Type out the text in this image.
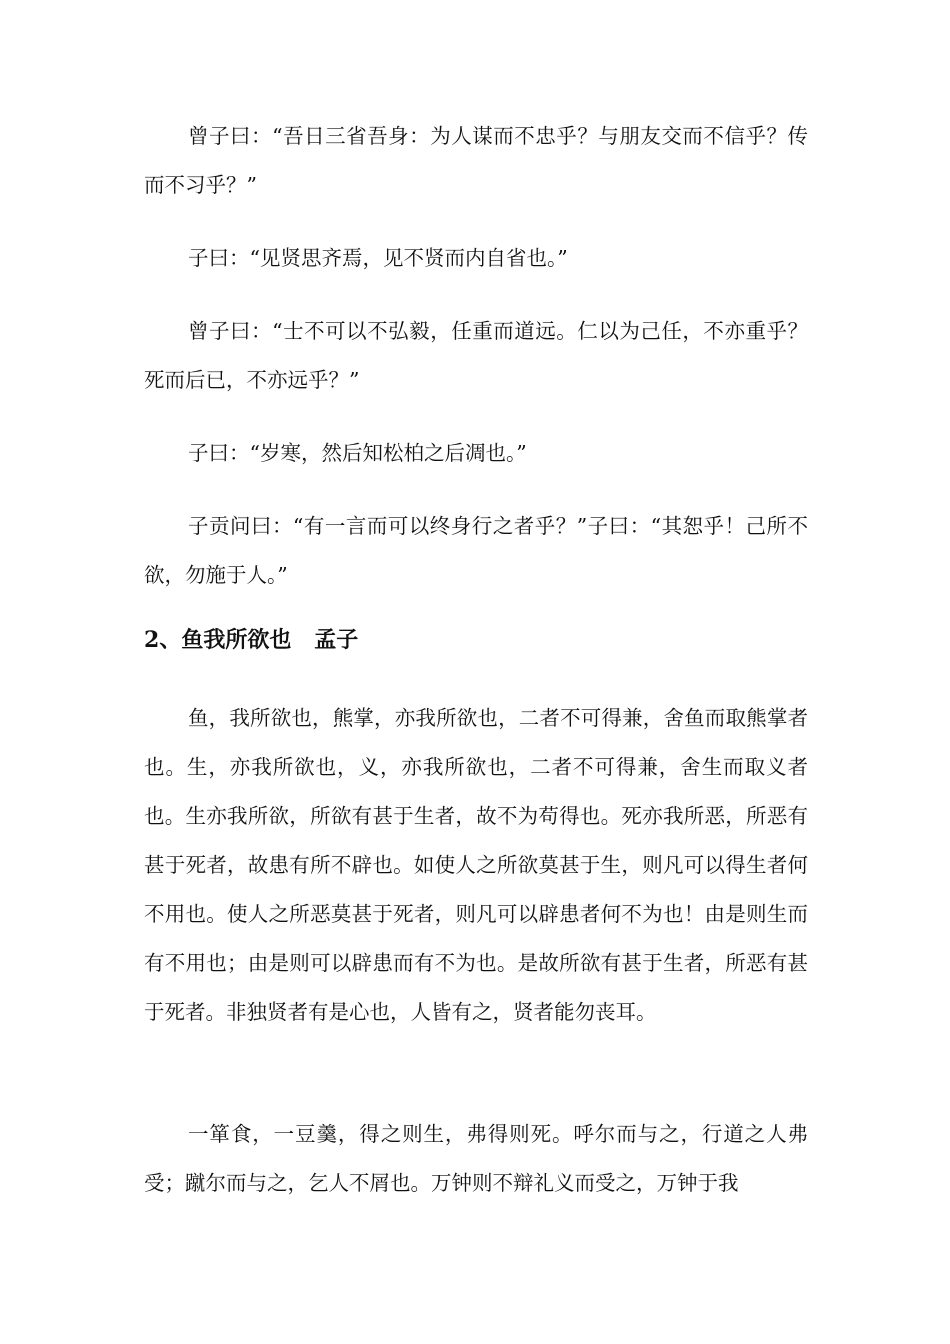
曾子曰：“吾日三省吾身：为人谋而不忠乎？与朋友交而不信乎？传而不习乎？”

子曰：“见贤思齐焉，见不贤而内自省也。”

曾子曰：“士不可以不弘毅，任重而道远。仁以为己任，不亦重乎？死而后已，不亦远乎？”

子曰：“岁寒，然后知松柏之后凋也。”

子贡问曰：“有一言而可以终身行之者乎？”子曰：“其恕乎！己所不欲，勿施于人。”

2、鱼我所欲也   孟子

鱼，我所欲也，熊掌，亦我所欲也，二者不可得兼，舍鱼而取熊掌者也。生，亦我所欲也，义，亦我所欲也，二者不可得兼，舍生而取义者也。生亦我所欲，所欲有甚于生者，故不为苟得也。死亦我所恶，所恶有甚于死者，故患有所不辟也。如使人之所欲莫甚于生，则凡可以得生者何不用也。使人之所恶莫甚于死者，则凡可以辟患者何不为也！由是则生而有不用也；由是则可以辟患而有不为也。是故所欲有甚于生者，所恶有甚于死者。非独贤者有是心也，人皆有之，贤者能勿丧耳。

一箪食，一豆羹，得之则生，弗得则死。呼尔而与之，行道之人弗受；蹴尔而与之，乞人不屑也。万钟则不辩礼义而受之，万钟于我
